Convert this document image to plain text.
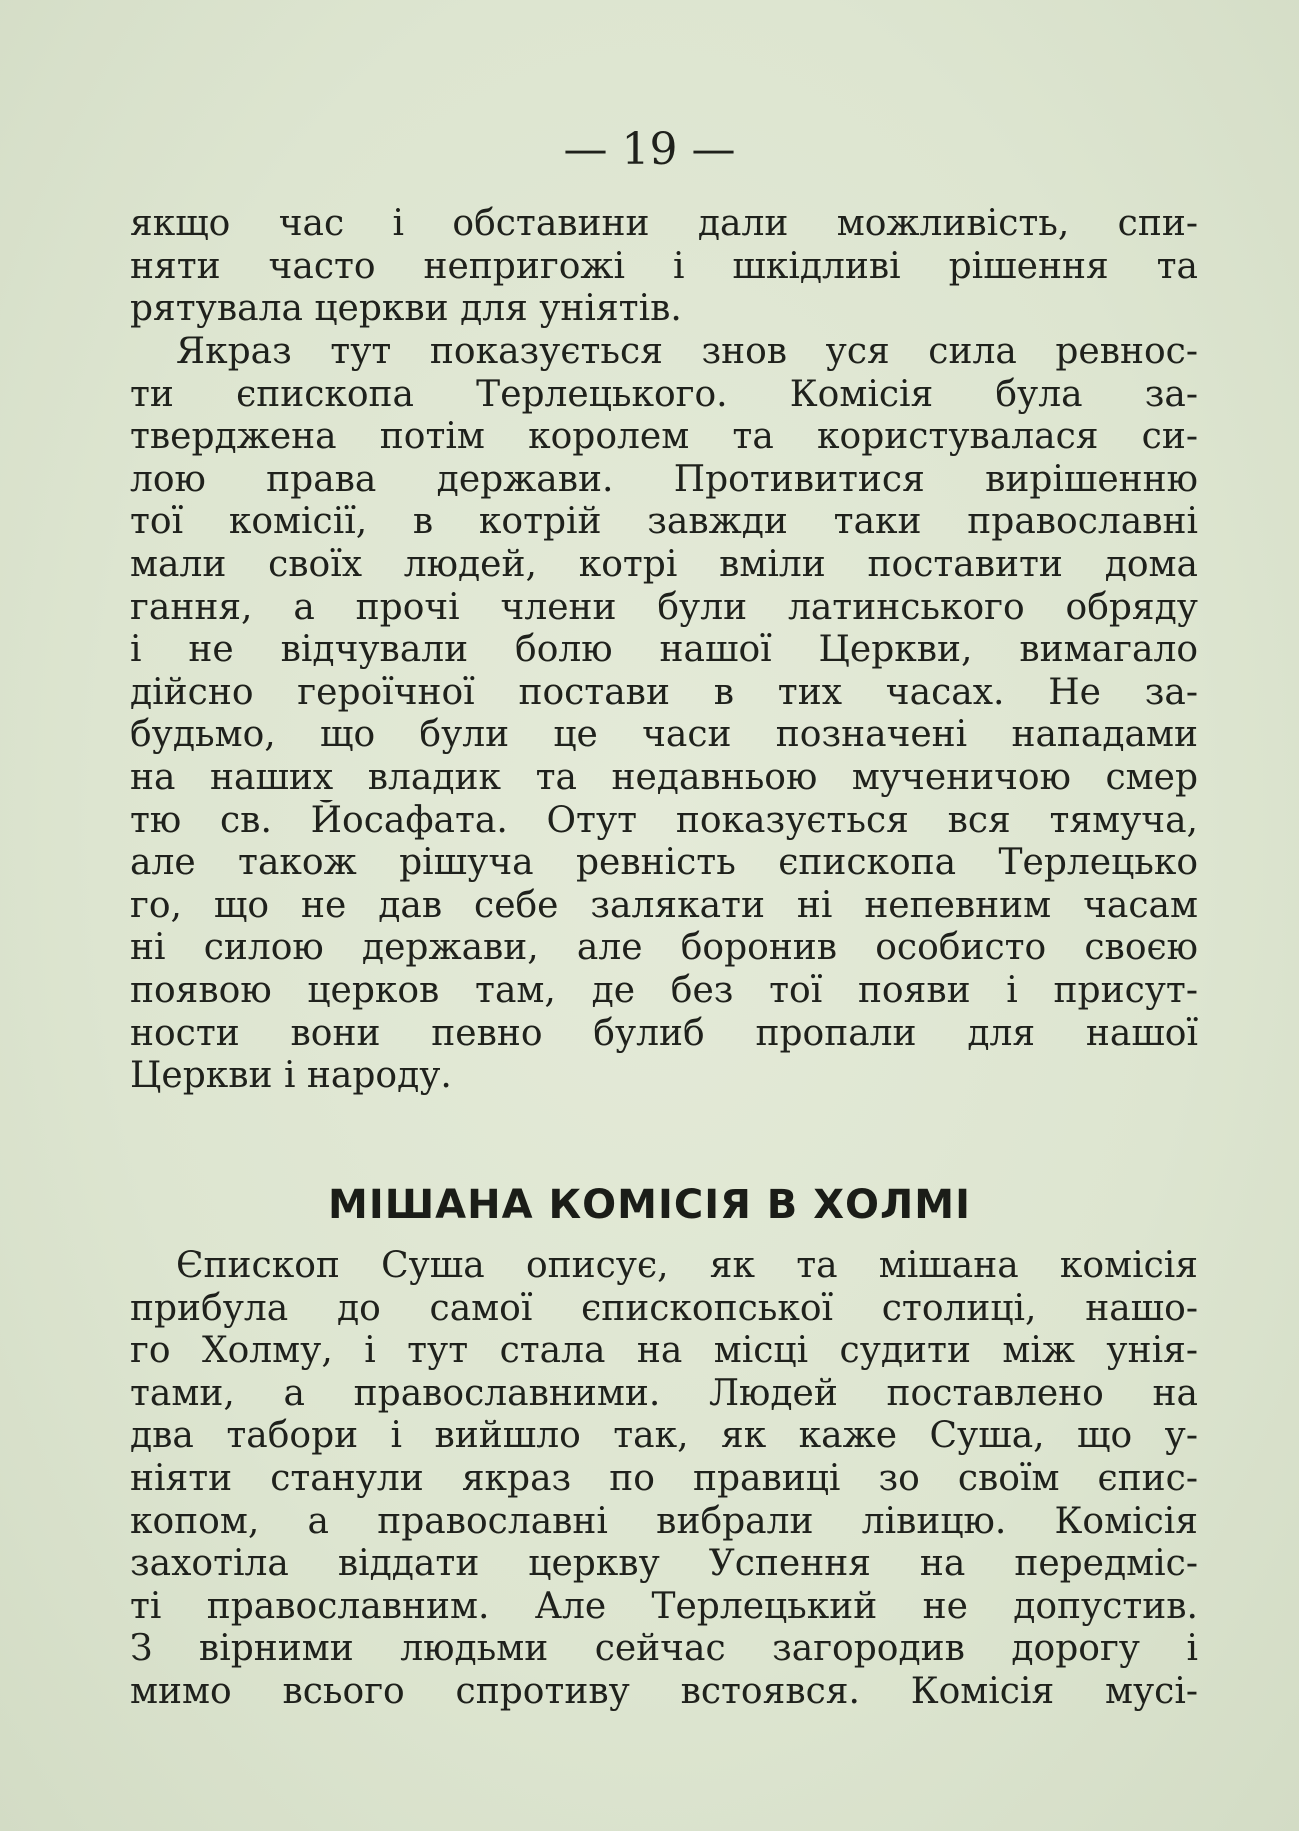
— 19 —

якщо час і обставини дали можливість, спи-
няти часто непригожі і шкідливі рішення та
рятувала церкви для уніятів.

Якраз тут показується знов уся сила ревнос-
ти єпископа Терлецького. Комісія була за-
тверджена потім королем та користувалася си-
лою права держави. Противитися вирішенню
тої комісії, в котрій завжди таки православні
мали своїх людей, котрі вміли поставити дома
гання, а прочі члени були латинського обряду
і не відчували болю нашої Церкви, вимагало
дійсно героїчної постави в тих часах. Не за-
будьмо, що були це часи позначені нападами
на наших владик та недавньою мученичою смер
тю св. Йосафата. Отут показується вся тямуча,
але також рішуча ревність єпископа Терлецько
го, що не дав себе залякати ні непевним часам
ні силою держави, але боронив особисто своєю
появою церков там, де без тої появи і присут-
ности вони певно булиб пропали для нашої
Церкви і народу.

МІШАНА КОМІСІЯ В ХОЛМІ

Єпископ Суша описує, як та мішана комісія
прибула до самої єпископської столиці, нашо-
го Холму, і тут стала на місці судити між унія-
тами, а православними. Людей поставлено на
два табори і вийшло так, як каже Суша, що у-
ніяти станули якраз по правиці зо своїм єпис-
копом, а православні вибрали лівицю. Комісія
захотіла віддати церкву Успення на передміс-
ті православним. Але Терлецький не допустив.
З вірними людьми сейчас загородив дорогу і
мимо всього спротиву встоявся. Комісія мусі-
